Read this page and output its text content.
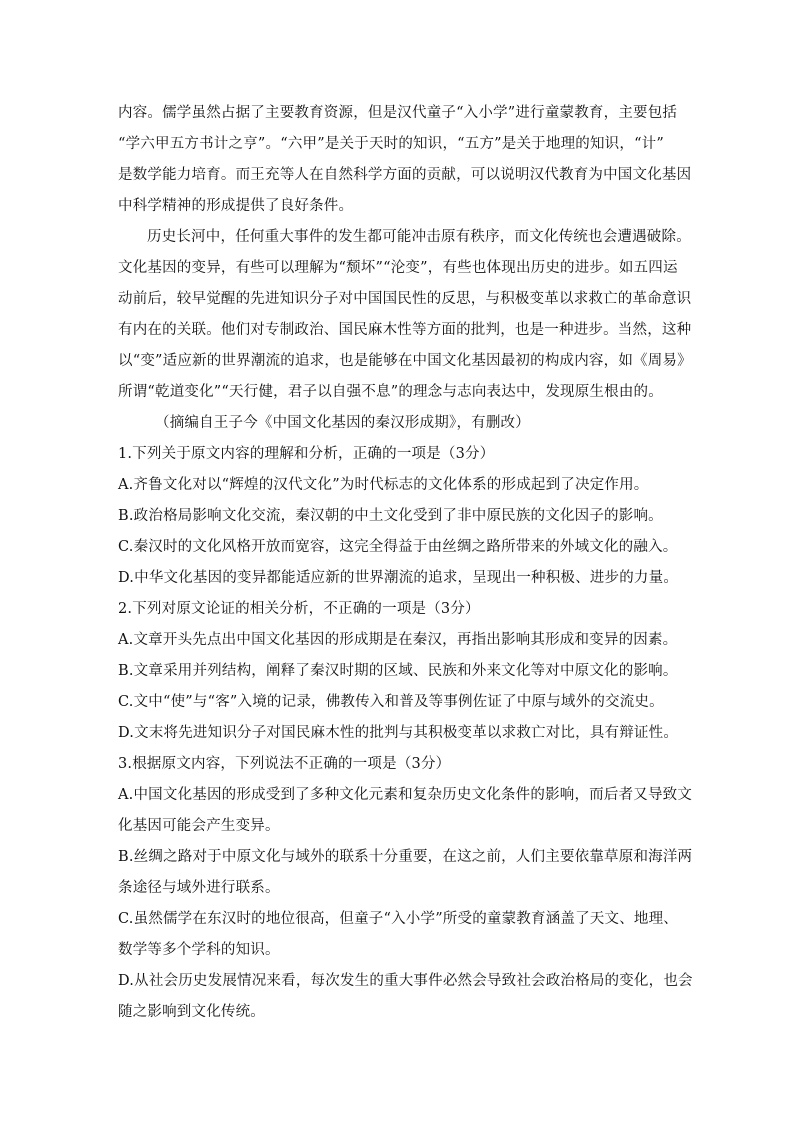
内容。儒学虽然占据了主要教育资源，但是汉代童子“入小学”进行童蒙教育，主要包括
“学六甲五方书计之亨”。“六甲”是关于天时的知识，“五方”是关于地理的知识，“计”
是数学能力培育。而王充等人在自然科学方面的贡献，可以说明汉代教育为中国文化基因
中科学精神的形成提供了良好条件。
历史长河中，任何重大事件的发生都可能冲击原有秩序，而文化传统也会遭遇破除。
文化基因的变异，有些可以理解为“颓坏”“沦变”，有些也体现出历史的进步。如五四运
动前后，较早觉醒的先进知识分子对中国国民性的反思，与积极变革以求救亡的革命意识
有内在的关联。他们对专制政治、国民麻木性等方面的批判，也是一种进步。当然，这种
以“变”适应新的世界潮流的追求，也是能够在中国文化基因最初的构成内容，如《周易》
所谓“乾道变化”“天行健，君子以自强不息”的理念与志向表达中，发现原生根由的。
（摘编自王子今《中国文化基因的秦汉形成期》，有删改）
1.下列关于原文内容的理解和分析，正确的一项是（3分）
A.齐鲁文化对以“辉煌的汉代文化”为时代标志的文化体系的形成起到了决定作用。
B.政治格局影响文化交流，秦汉朝的中土文化受到了非中原民族的文化因子的影响。
C.秦汉时的文化风格开放而宽容，这完全得益于由丝绸之路所带来的外域文化的融入。
D.中华文化基因的变异都能适应新的世界潮流的追求，呈现出一种积极、进步的力量。
2.下列对原文论证的相关分析，不正确的一项是（3分）
A.文章开头先点出中国文化基因的形成期是在秦汉，再指出影响其形成和变异的因素。
B.文章采用并列结构，阐释了秦汉时期的区域、民族和外来文化等对中原文化的影响。
C.文中“使”与“客”入境的记录，佛教传入和普及等事例佐证了中原与域外的交流史。
D.文末将先进知识分子对国民麻木性的批判与其积极变革以求救亡对比，具有辩证性。
3.根据原文内容，下列说法不正确的一项是（3分）
A.中国文化基因的形成受到了多种文化元素和复杂历史文化条件的影响，而后者又导致文
化基因可能会产生变异。
B.丝绸之路对于中原文化与域外的联系十分重要，在这之前，人们主要依靠草原和海洋两
条途径与域外进行联系。
C.虽然儒学在东汉时的地位很高，但童子“入小学”所受的童蒙教育涵盖了天文、地理、
数学等多个学科的知识。
D.从社会历史发展情况来看，每次发生的重大事件必然会导致社会政治格局的变化，也会
随之影响到文化传统。
